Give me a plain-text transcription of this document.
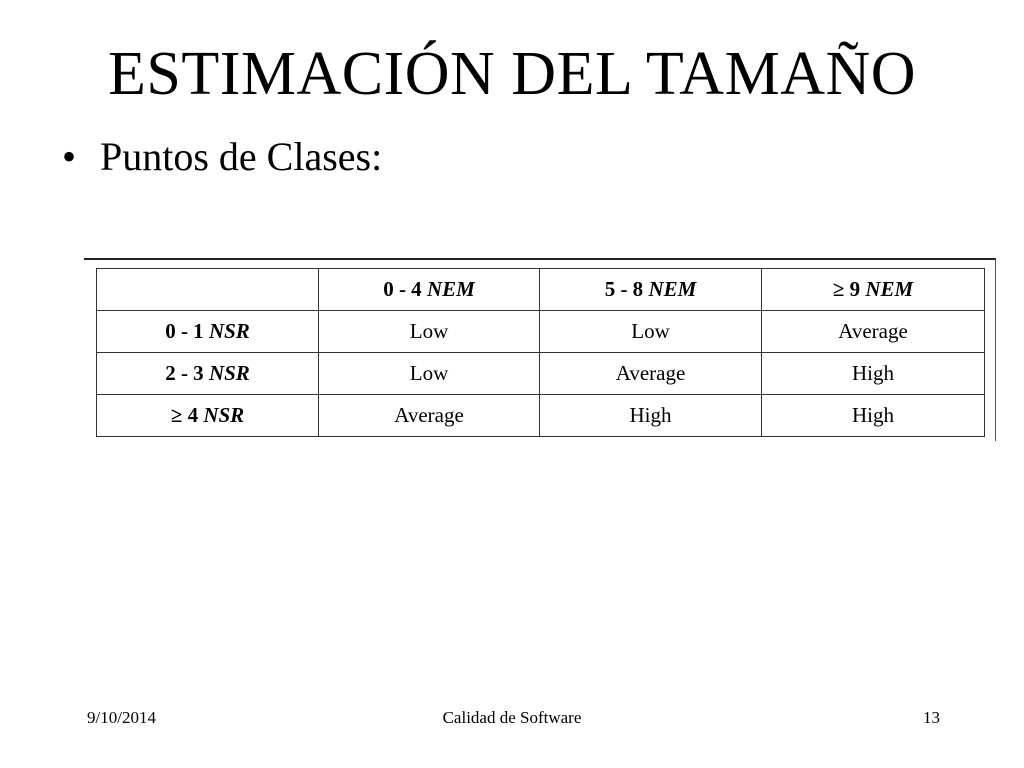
ESTIMACIÓN DEL TAMAÑO
• Puntos de Clases:
	0 - 4 NEM	5 - 8 NEM	≥ 9 NEM
0 - 1 NSR	Low	Low	Average
2 - 3 NSR	Low	Average	High
≥ 4 NSR	Average	High	High
9/10/2014	Calidad de Software	13
